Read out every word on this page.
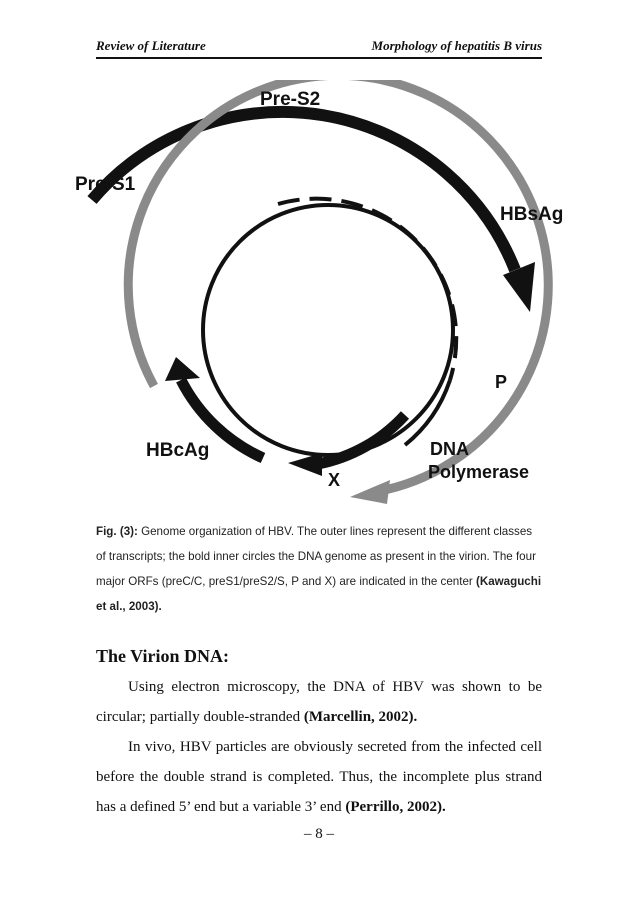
Review of Literature	Morphology of hepatitis B virus
Pre-S2
Pre-S1
HBsAg
P
DNA
Polymerase
X
HBcAg
Fig. (3): Genome organization of HBV. The outer lines represent the different classes of transcripts; the bold inner circles the DNA genome as present in the virion. The four major ORFs (preC/C, preS1/preS2/S, P and X) are indicated in the center (Kawaguchi et al., 2003).
The Virion DNA:
Using electron microscopy, the DNA of HBV was shown to be circular; partially double-stranded (Marcellin, 2002).
In vivo, HBV particles are obviously secreted from the infected cell before the double strand is completed. Thus, the incomplete plus strand has a defined 5’ end but a variable 3’ end (Perrillo, 2002).
– 8 –
